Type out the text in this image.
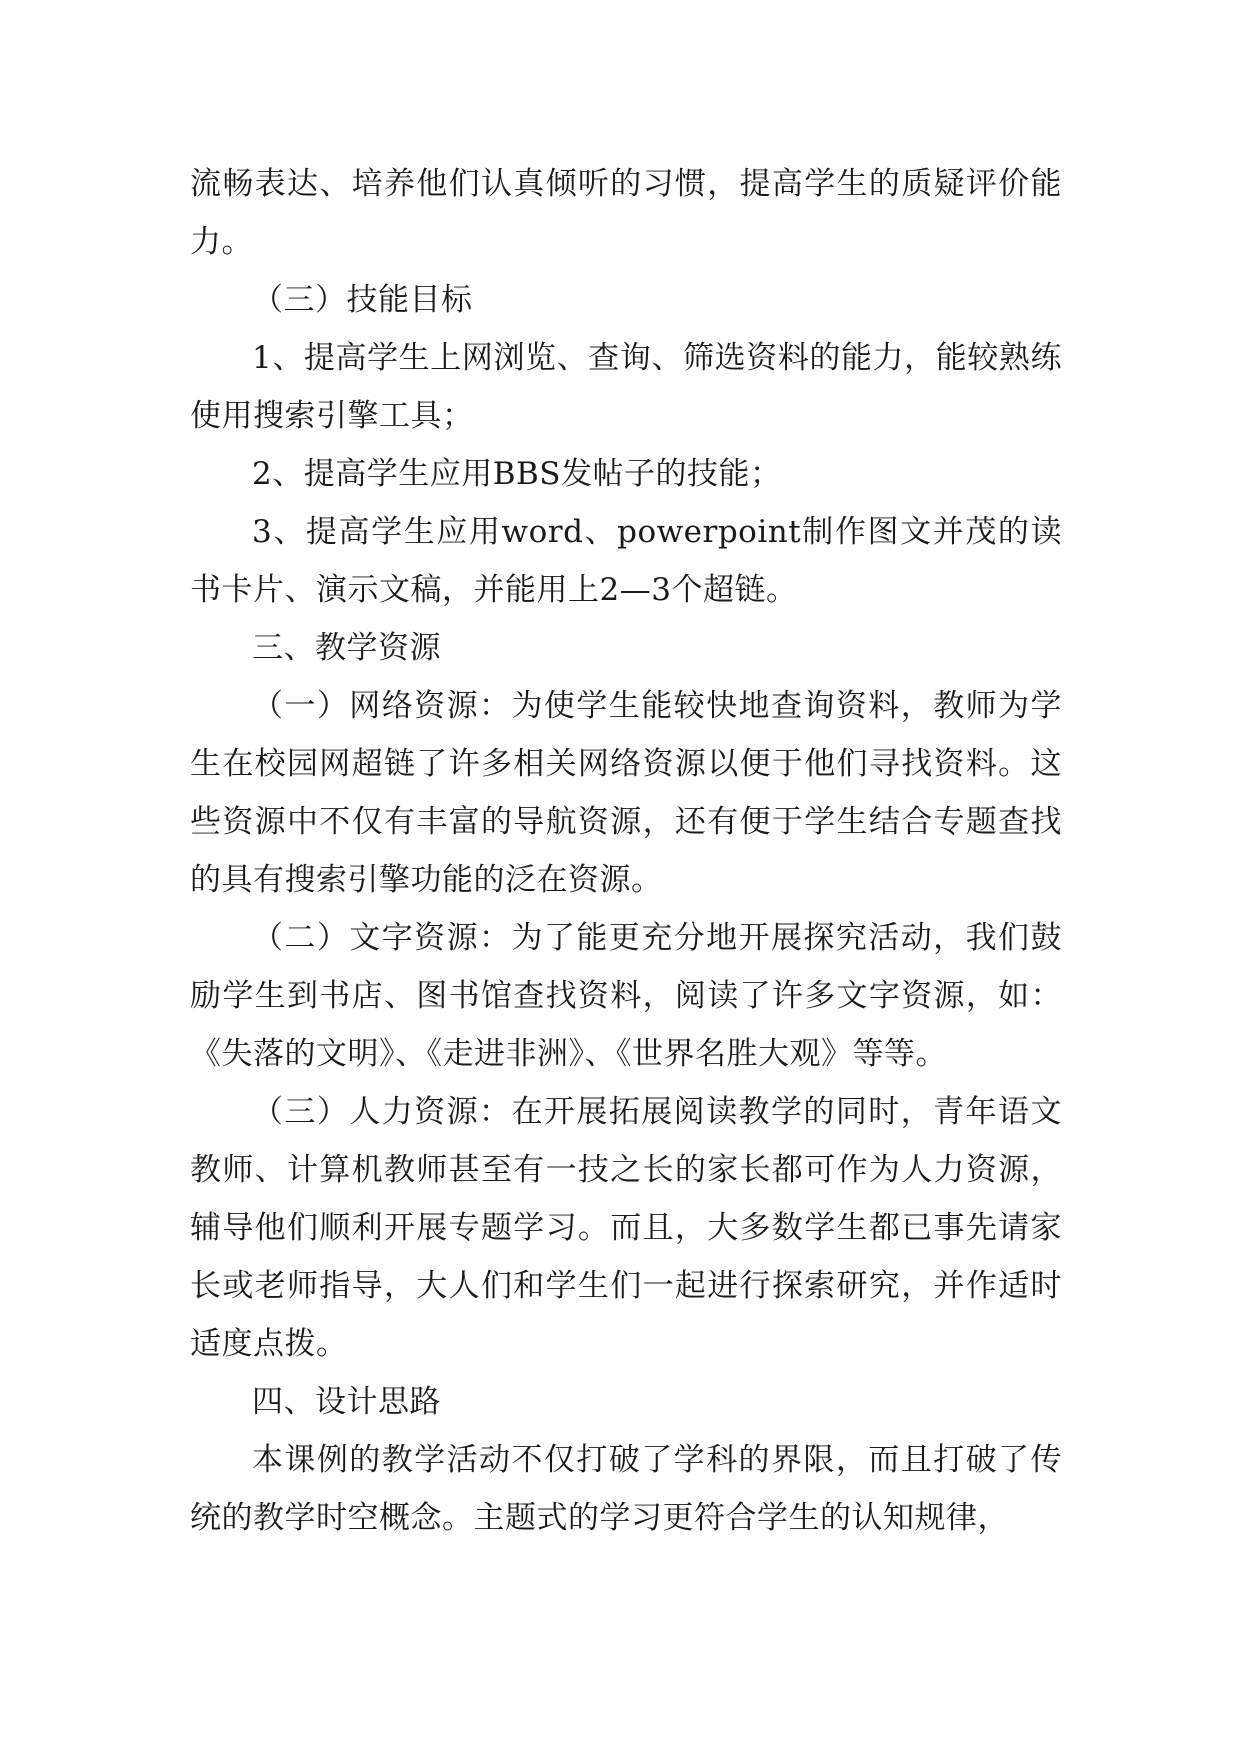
流畅表达、培养他们认真倾听的习惯，提高学生的质疑评价能力。

（三）技能目标

1、提高学生上网浏览、查询、筛选资料的能力，能较熟练使用搜索引擎工具；

2、提高学生应用BBS发帖子的技能；

3、提高学生应用word、powerpoint制作图文并茂的读书卡片、演示文稿，并能用上2—3个超链。

三、教学资源

（一）网络资源：为使学生能较快地查询资料，教师为学生在校园网超链了许多相关网络资源以便于他们寻找资料。这些资源中不仅有丰富的导航资源，还有便于学生结合专题查找的具有搜索引擎功能的泛在资源。

（二）文字资源：为了能更充分地开展探究活动，我们鼓励学生到书店、图书馆查找资料，阅读了许多文字资源，如：《失落的文明》、《走进非洲》、《世界名胜大观》等等。

（三）人力资源：在开展拓展阅读教学的同时，青年语文教师、计算机教师甚至有一技之长的家长都可作为人力资源，辅导他们顺利开展专题学习。而且，大多数学生都已事先请家长或老师指导，大人们和学生们一起进行探索研究，并作适时适度点拨。

四、设计思路

本课例的教学活动不仅打破了学科的界限，而且打破了传统的教学时空概念。主题式的学习更符合学生的认知规律，
